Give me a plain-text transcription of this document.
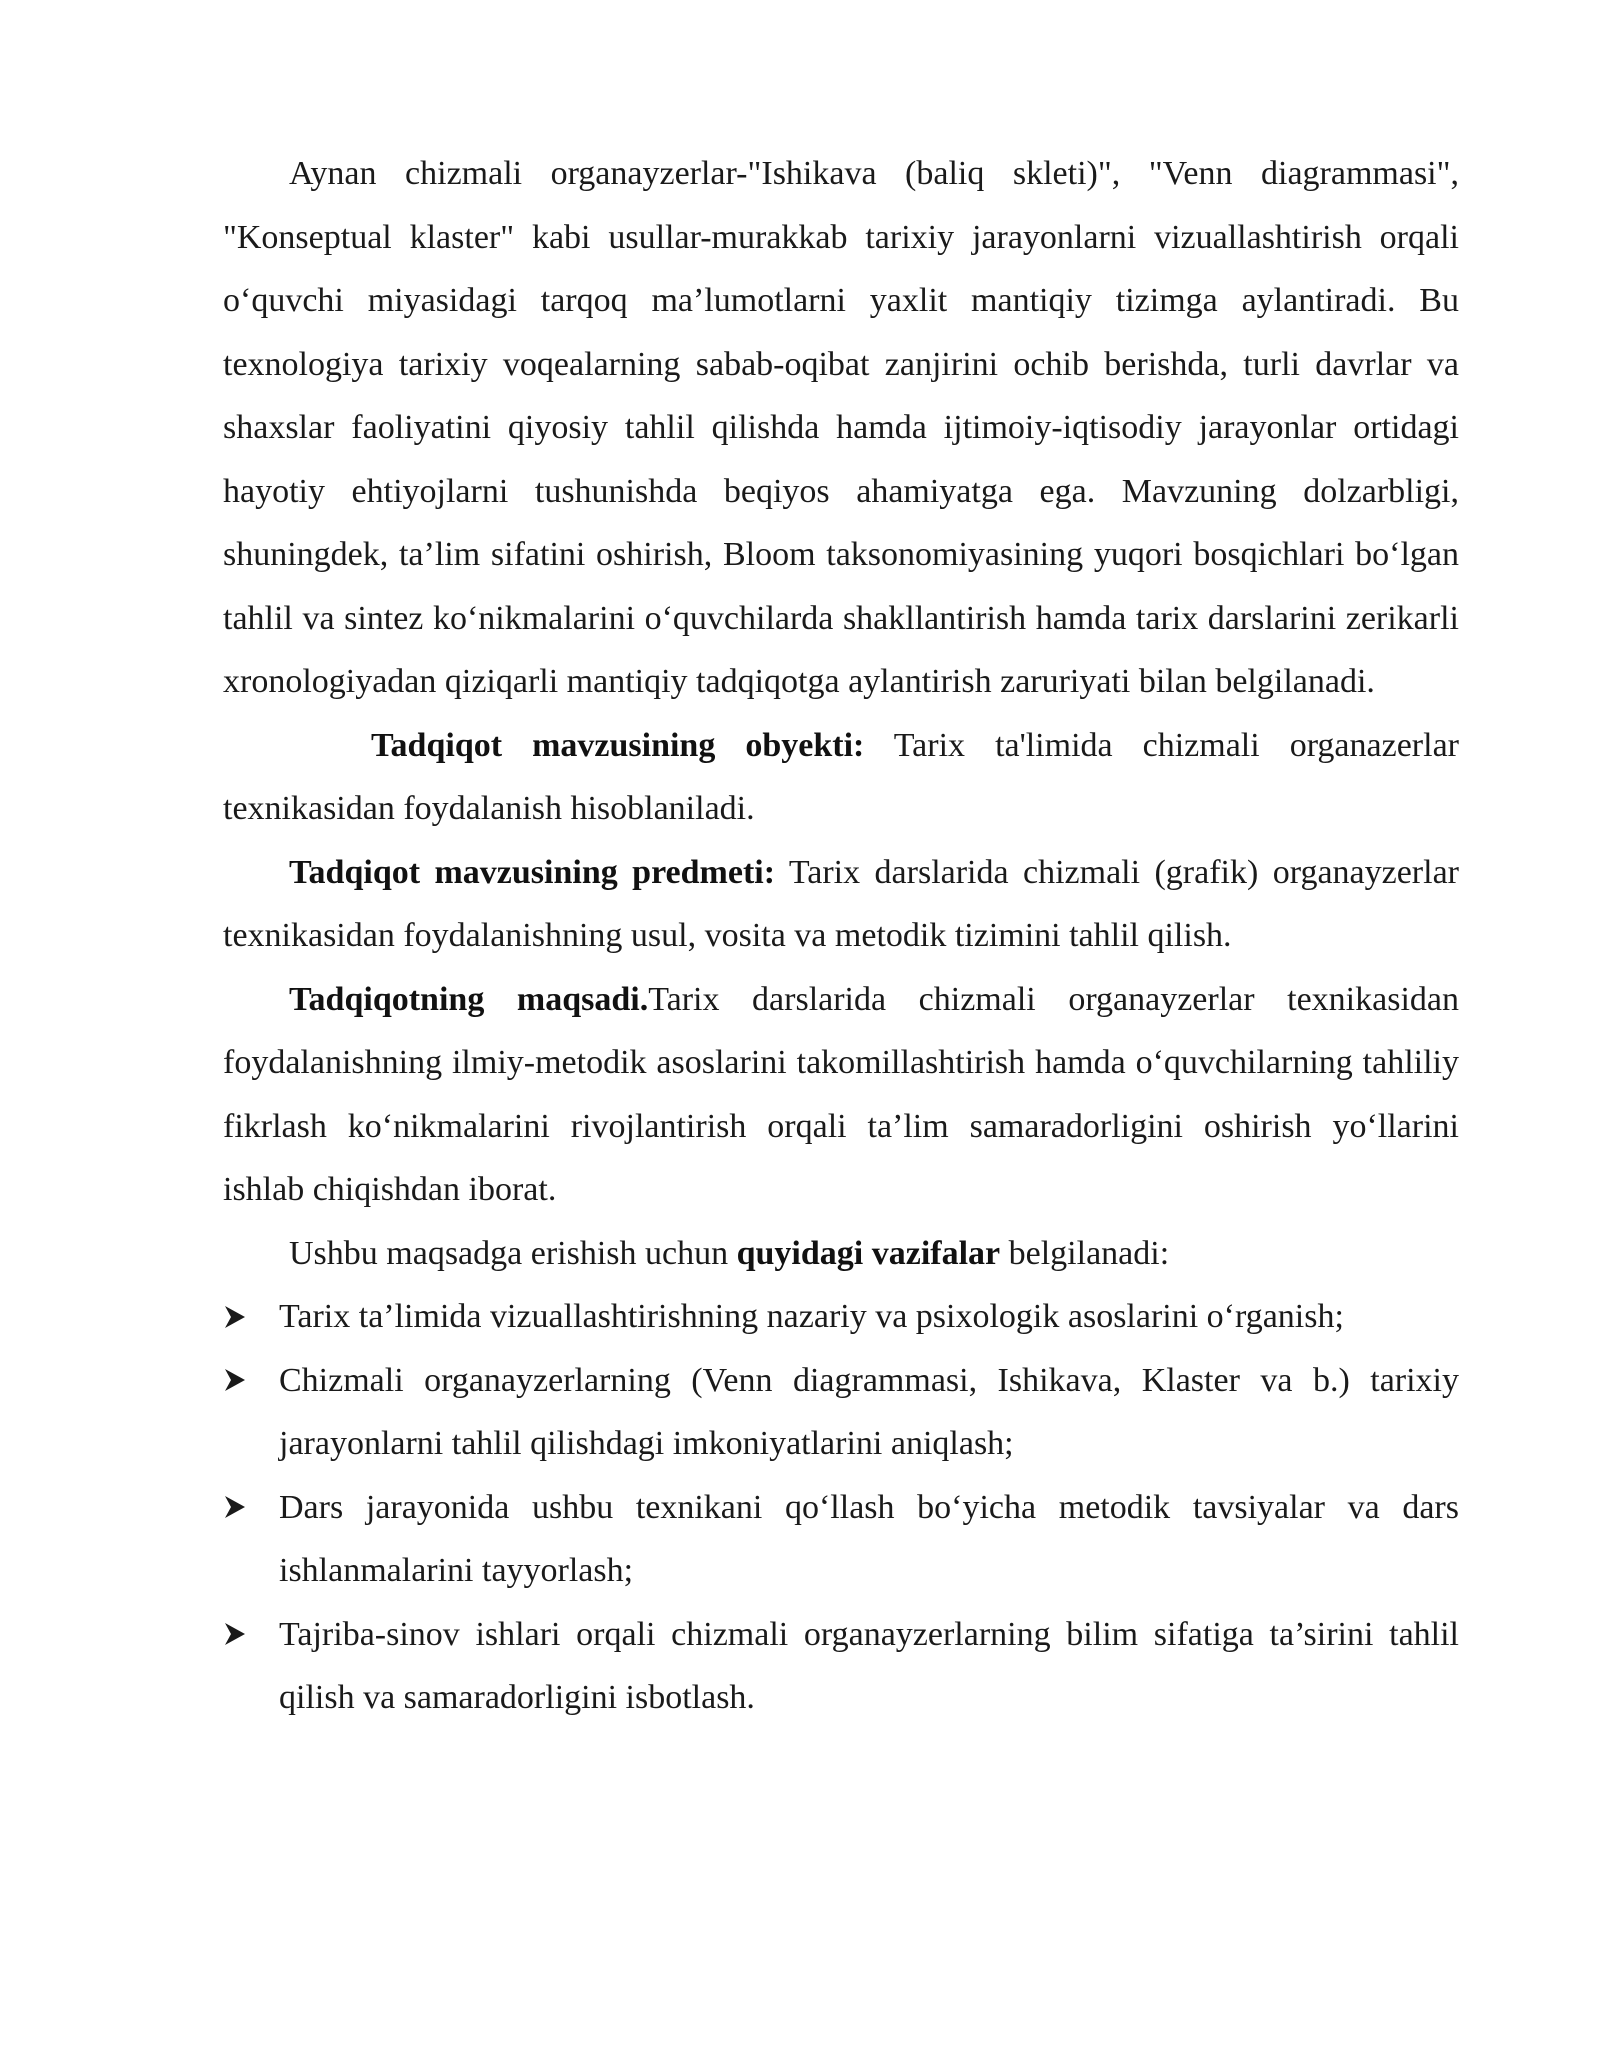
Aynan chizmali organayzerlar-"Ishikava (baliq skleti)", "Venn diagrammasi", "Konseptual klaster" kabi usullar-murakkab tarixiy jarayonlarni vizuallashtirish orqali o‘quvchi miyasidagi tarqoq ma’lumotlarni yaxlit mantiqiy tizimga aylantiradi. Bu texnologiya tarixiy voqealarning sabab-oqibat zanjirini ochib berishda, turli davrlar va shaxslar faoliyatini qiyosiy tahlil qilishda hamda ijtimoiy-iqtisodiy jarayonlar ortidagi hayotiy ehtiyojlarni tushunishda beqiyos ahamiyatga ega. Mavzuning dolzarbligi, shuningdek, ta’lim sifatini oshirish, Bloom taksonomiyasining yuqori bosqichlari bo‘lgan tahlil va sintez ko‘nikmalarini o‘quvchilarda shakllantirish hamda tarix darslarini zerikarli xronologiyadan qiziqarli mantiqiy tadqiqotga aylantirish zaruriyati bilan belgilanadi.

Tadqiqot mavzusining obyekti: Tarix ta'limida chizmali organazerlar texnikasidan foydalanish hisoblaniladi.

Tadqiqot mavzusining predmeti: Tarix darslarida chizmali (grafik) organayzerlar texnikasidan foydalanishning usul, vosita va metodik tizimini tahlil qilish.

Tadqiqotning maqsadi.Tarix darslarida chizmali organayzerlar texnikasidan foydalanishning ilmiy-metodik asoslarini takomillashtirish hamda o‘quvchilarning tahliliy fikrlash ko‘nikmalarini rivojlantirish orqali ta’lim samaradorligini oshirish yo‘llarini ishlab chiqishdan iborat.

Ushbu maqsadga erishish uchun quyidagi vazifalar belgilanadi:

Tarix ta’limida vizuallashtirishning nazariy va psixologik asoslarini o‘rganish;
Chizmali organayzerlarning (Venn diagrammasi, Ishikava, Klaster va b.) tarixiy jarayonlarni tahlil qilishdagi imkoniyatlarini aniqlash;
Dars jarayonida ushbu texnikani qo‘llash bo‘yicha metodik tavsiyalar va dars ishlanmalarini tayyorlash;
Tajriba-sinov ishlari orqali chizmali organayzerlarning bilim sifatiga ta’sirini tahlil qilish va samaradorligini isbotlash.
